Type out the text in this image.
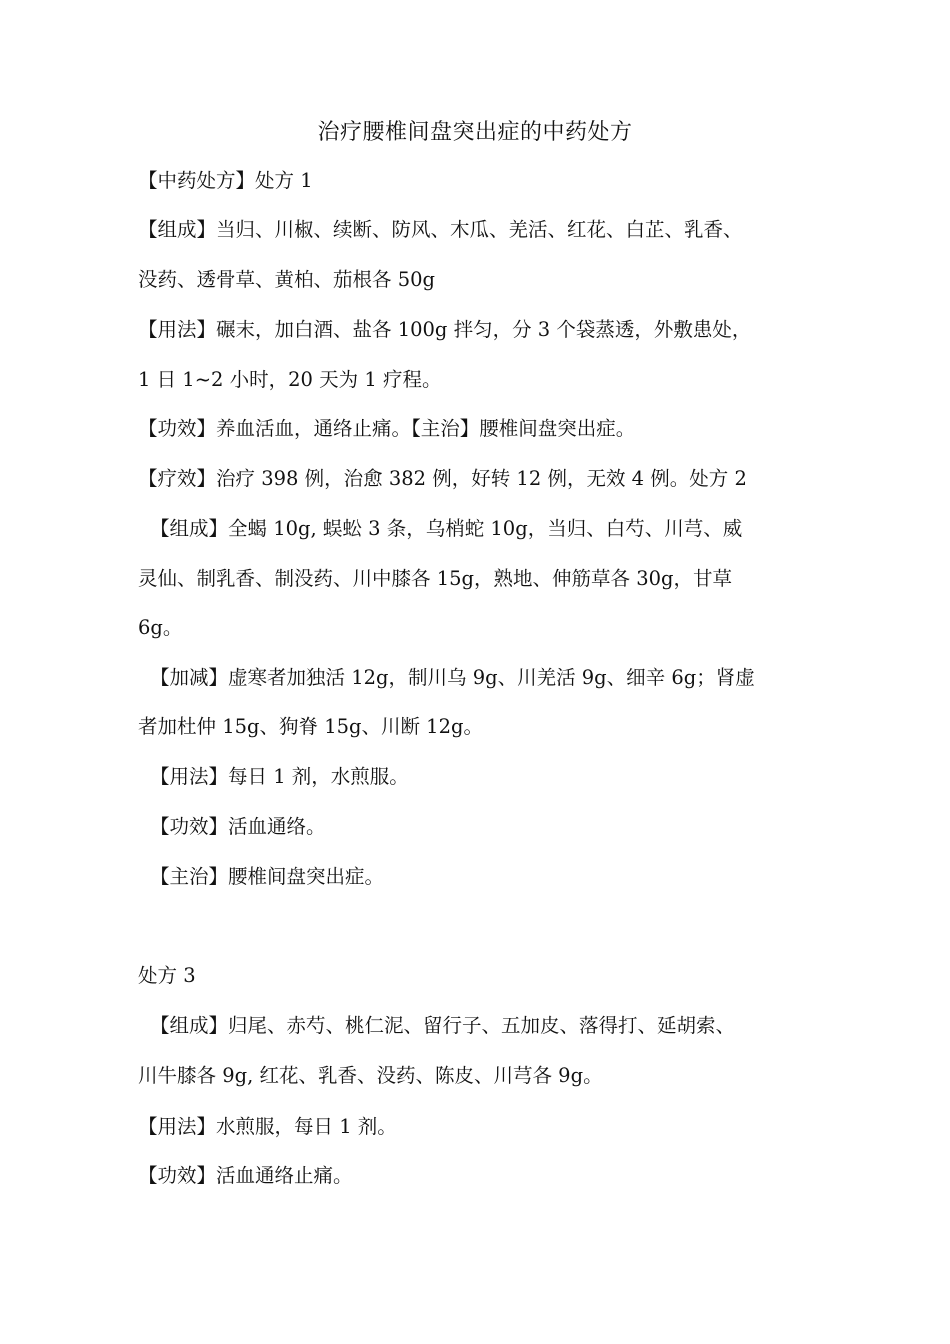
治疗腰椎间盘突出症的中药处方
【中药处方】处方 1
【组成】当归、川椒、续断、防风、木瓜、羌活、红花、白芷、乳香、
没药、透骨草、黄柏、茄根各 50g
【用法】碾末，加白酒、盐各 100g 拌匀，分 3 个袋蒸透，外敷患处，
1 日 1~2 小时，20 天为 1 疗程。
【功效】养血活血，通络止痛。【主治】腰椎间盘突出症。
【疗效】治疗 398 例，治愈 382 例，好转 12 例，无效 4 例。处方 2
【组成】全蝎 10g, 蜈蚣 3 条，乌梢蛇 10g，当归、白芍、川芎、威
灵仙、制乳香、制没药、川中膝各 15g，熟地、伸筋草各 30g，甘草
6g。
【加减】虚寒者加独活 12g，制川乌 9g、川羌活 9g、细辛 6g；肾虚
者加杜仲 15g、狗脊 15g、川断 12g。
【用法】每日 1 剂，水煎服。
【功效】活血通络。
【主治】腰椎间盘突出症。
处方 3
【组成】归尾、赤芍、桃仁泥、留行子、五加皮、落得打、延胡索、
川牛膝各 9g, 红花、乳香、没药、陈皮、川芎各 9g。
【用法】水煎服，每日 1 剂。
【功效】活血通络止痛。
